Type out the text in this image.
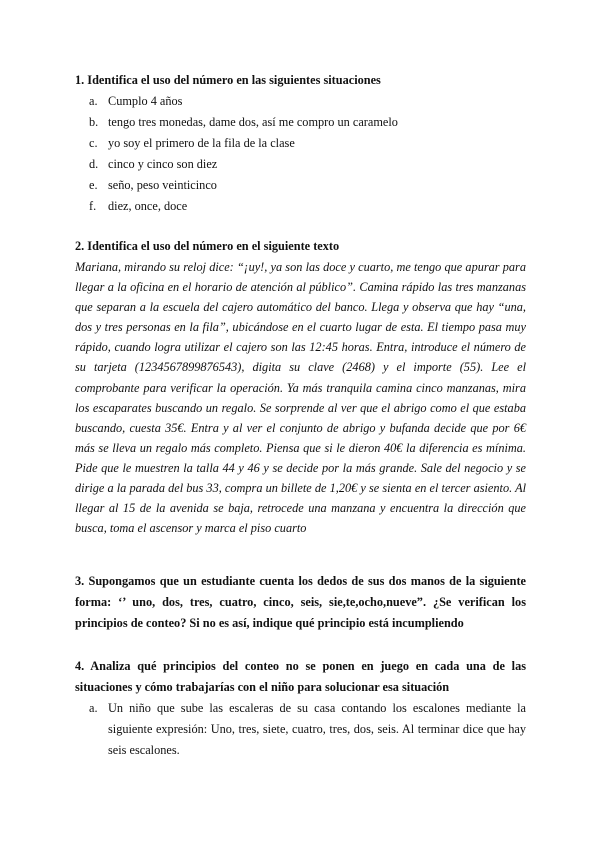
1. Identifica el uso del número en las siguientes situaciones
a. Cumplo 4 años
b. tengo tres monedas, dame dos, así me compro un caramelo
c. yo soy el primero de la fila de la clase
d. cinco y cinco son diez
e. seño, peso veinticinco
f. diez, once, doce
2. Identifica el uso del número en el siguiente texto
Mariana, mirando su reloj dice: “¡uy!, ya son las doce y cuarto, me tengo que apurar para llegar a la oficina en el horario de atención al público”. Camina rápido las tres manzanas que separan a la escuela del cajero automático del banco. Llega y observa que hay “una, dos y tres personas en la fila”, ubicándose en el cuarto lugar de esta. El tiempo pasa muy rápido, cuando logra utilizar el cajero son las 12:45 horas. Entra, introduce el número de su tarjeta (1234567899876543), digita su clave (2468) y el importe (55). Lee el comprobante para verificar la operación. Ya más tranquila camina cinco manzanas, mira los escaparates buscando un regalo. Se sorprende al ver que el abrigo como el que estaba buscando, cuesta 35€. Entra y al ver el conjunto de abrigo y bufanda decide que por 6€ más se lleva un regalo más completo. Piensa que si le dieron 40€ la diferencia es mínima. Pide que le muestren la talla 44 y 46 y se decide por la más grande. Sale del negocio y se dirige a la parada del bus 33, compra un billete de 1,20€ y se sienta en el tercer asiento. Al llegar al 15 de la avenida se baja, retrocede una manzana y encuentra la dirección que busca, toma el ascensor y marca el piso cuarto
3. Supongamos que un estudiante cuenta los dedos de sus dos manos de la siguiente forma: ‘’ uno, dos, tres, cuatro, cinco, seis, sie,te,ocho,nueve”. ¿Se verifican los principios de conteo? Si no es así, indique qué principio está incumpliendo
4. Analiza qué principios del conteo no se ponen en juego en cada una de las situaciones y cómo trabajarías con el niño para solucionar esa situación
a. Un niño que sube las escaleras de su casa contando los escalones mediante la siguiente expresión: Uno, tres, siete, cuatro, tres, dos, seis. Al terminar dice que hay seis escalones.
